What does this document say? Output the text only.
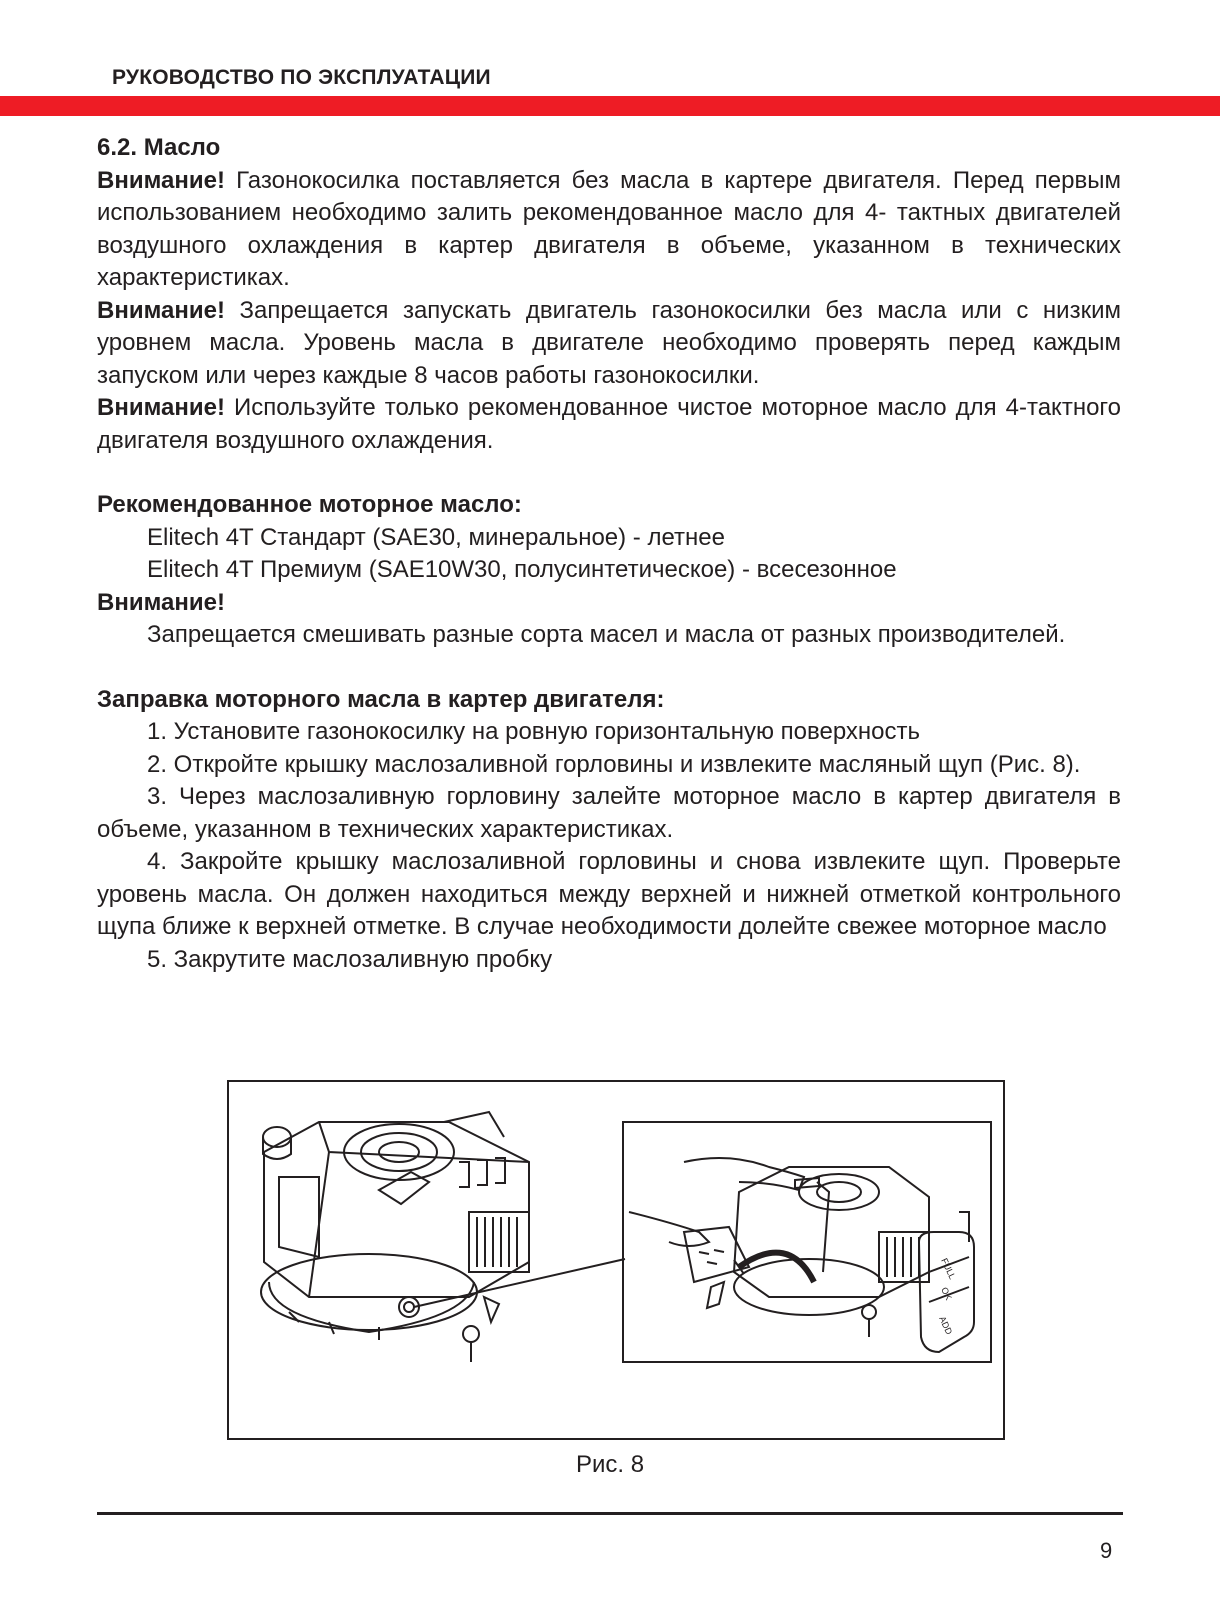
РУКОВОДСТВО ПО ЭКСПЛУАТАЦИИ

6.2. Масло

Внимание! Газонокосилка поставляется без масла в картере двигателя. Перед первым использованием необходимо залить рекомендованное масло для 4- тактных двигателей воздушного охлаждения в картер двигателя в объеме, указанном в технических характеристиках.

Внимание! Запрещается запускать двигатель газонокосилки без масла или с низким уровнем масла. Уровень масла в двигателе необходимо проверять перед каждым запуском или через каждые 8 часов работы газонокосилки.

Внимание! Используйте только рекомендованное чистое моторное масло для 4-тактного двигателя воздушного охлаждения.

Рекомендованное моторное масло:

Elitech 4T Стандарт (SAE30, минеральное) - летнее

Elitech 4T Премиум (SAE10W30, полусинтетическое) - всесезонное

Внимание!

Запрещается смешивать разные сорта масел и масла от разных производителей.

Заправка моторного масла в картер двигателя:

1. Установите газонокосилку на ровную горизонтальную поверхность

2. Откройте крышку маслозаливной горловины и извлеките масляный щуп (Рис. 8).

3. Через маслозаливную горловину залейте моторное масло в картер двигателя в объеме, указанном в технических характеристиках.

4. Закройте крышку маслозаливной горловины и снова извлеките щуп. Проверьте уровень масла. Он должен находиться между верхней и нижней отметкой контрольного щупа ближе к верхней отметке. В случае необходимости долейте свежее моторное масло

5. Закрутите маслозаливную пробку

FULL
OK
ADD
Рис. 8
9
